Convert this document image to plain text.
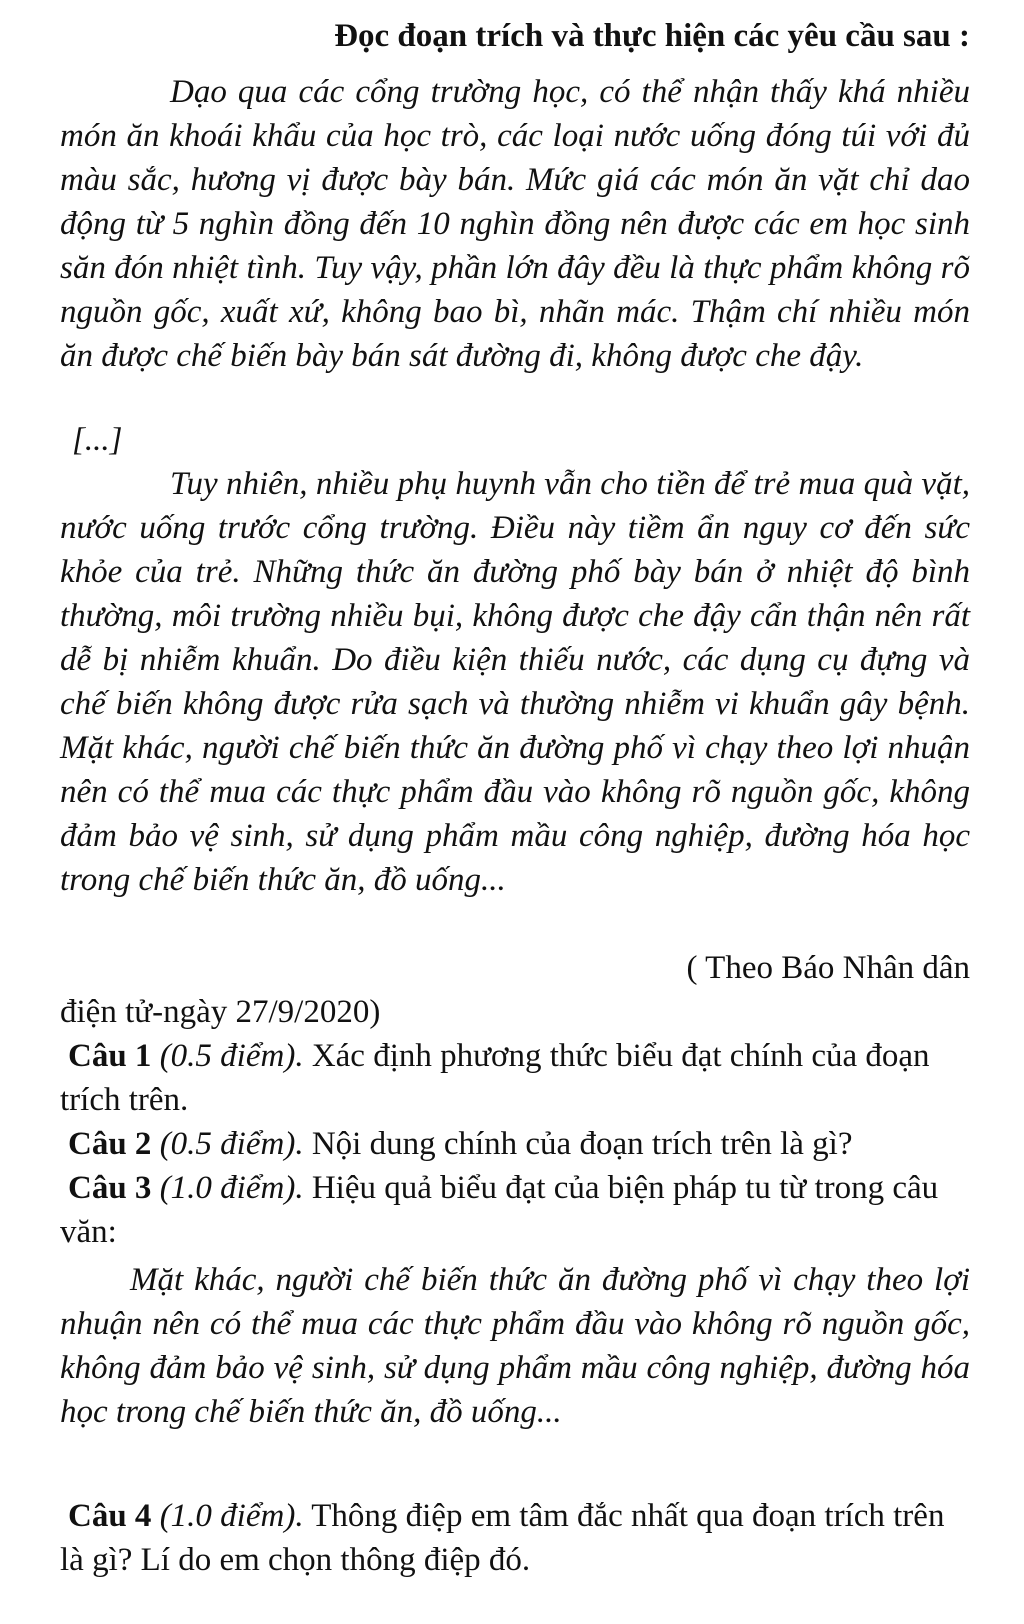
Đọc đoạn trích và thực hiện các yêu cầu sau :
Dạo qua các cổng trường học, có thể nhận thấy khá nhiều món ăn khoái khẩu của học trò, các loại nước uống đóng túi với đủ màu sắc, hương vị được bày bán. Mức giá các món ăn vặt chỉ dao động từ 5 nghìn đồng đến 10 nghìn đồng nên được các em học sinh săn đón nhiệt tình. Tuy vậy, phần lớn đây đều là thực phẩm không rõ nguồn gốc, xuất xứ, không bao bì, nhãn mác. Thậm chí nhiều món ăn được chế biến bày bán sát đường đi, không được che đậy.
[...]
Tuy nhiên, nhiều phụ huynh vẫn cho tiền để trẻ mua quà vặt, nước uống trước cổng trường. Điều này tiềm ẩn nguy cơ đến sức khỏe của trẻ. Những thức ăn đường phố bày bán ở nhiệt độ bình thường, môi trường nhiều bụi, không được che đậy cẩn thận nên rất dễ bị nhiễm khuẩn. Do điều kiện thiếu nước, các dụng cụ đựng và chế biến không được rửa sạch và thường nhiễm vi khuẩn gây bệnh. Mặt khác, người chế biến thức ăn đường phố vì chạy theo lợi nhuận nên có thể mua các thực phẩm đầu vào không rõ nguồn gốc, không đảm bảo vệ sinh, sử dụng phẩm mầu công nghiệp, đường hóa học trong chế biến thức ăn, đồ uống...
( Theo Báo Nhân dân
điện tử-ngày 27/9/2020)
Câu 1 (0.5 điểm). Xác định phương thức biểu đạt chính của đoạn trích trên.
Câu 2 (0.5 điểm). Nội dung chính của đoạn trích trên là gì?
Câu 3 (1.0 điểm). Hiệu quả biểu đạt của biện pháp tu từ trong câu văn:
Mặt khác, người chế biến thức ăn đường phố vì chạy theo lợi nhuận nên có thể mua các thực phẩm đầu vào không rõ nguồn gốc, không đảm bảo vệ sinh, sử dụng phẩm mầu công nghiệp, đường hóa học trong chế biến thức ăn, đồ uống...
Câu 4 (1.0 điểm). Thông điệp em tâm đắc nhất qua đoạn trích trên là gì? Lí do em chọn thông điệp đó.
